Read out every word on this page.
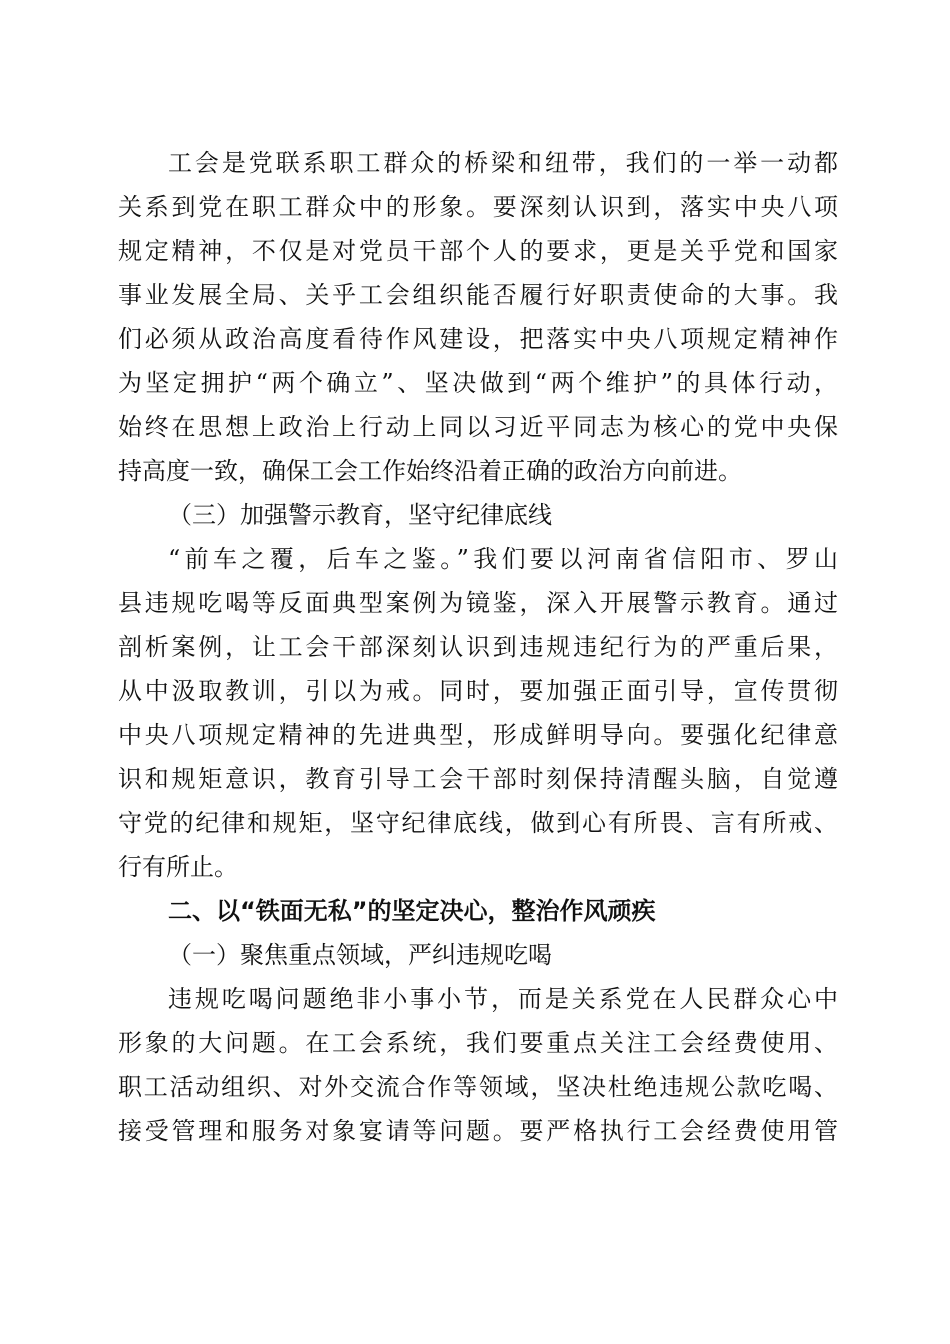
工会是党联系职工群众的桥梁和纽带，我们的一举一动都
关系到党在职工群众中的形象。要深刻认识到，落实中央八项
规定精神，不仅是对党员干部个人的要求，更是关乎党和国家
事业发展全局、关乎工会组织能否履行好职责使命的大事。我
们必须从政治高度看待作风建设，把落实中央八项规定精神作
为坚定拥护“两个确立”、坚决做到“两个维护”的具体行动，
始终在思想上政治上行动上同以习近平同志为核心的党中央保
持高度一致，确保工会工作始终沿着正确的政治方向前进。
（三）加强警示教育，坚守纪律底线
“前车之覆，后车之鉴。”我们要以河南省信阳市、罗山
县违规吃喝等反面典型案例为镜鉴，深入开展警示教育。通过
剖析案例，让工会干部深刻认识到违规违纪行为的严重后果，
从中汲取教训，引以为戒。同时，要加强正面引导，宣传贯彻
中央八项规定精神的先进典型，形成鲜明导向。要强化纪律意
识和规矩意识，教育引导工会干部时刻保持清醒头脑，自觉遵
守党的纪律和规矩，坚守纪律底线，做到心有所畏、言有所戒、
行有所止。
二、以“铁面无私”的坚定决心，整治作风顽疾
（一）聚焦重点领域，严纠违规吃喝
违规吃喝问题绝非小事小节，而是关系党在人民群众心中
形象的大问题。在工会系统，我们要重点关注工会经费使用、
职工活动组织、对外交流合作等领域，坚决杜绝违规公款吃喝、
接受管理和服务对象宴请等问题。要严格执行工会经费使用管
